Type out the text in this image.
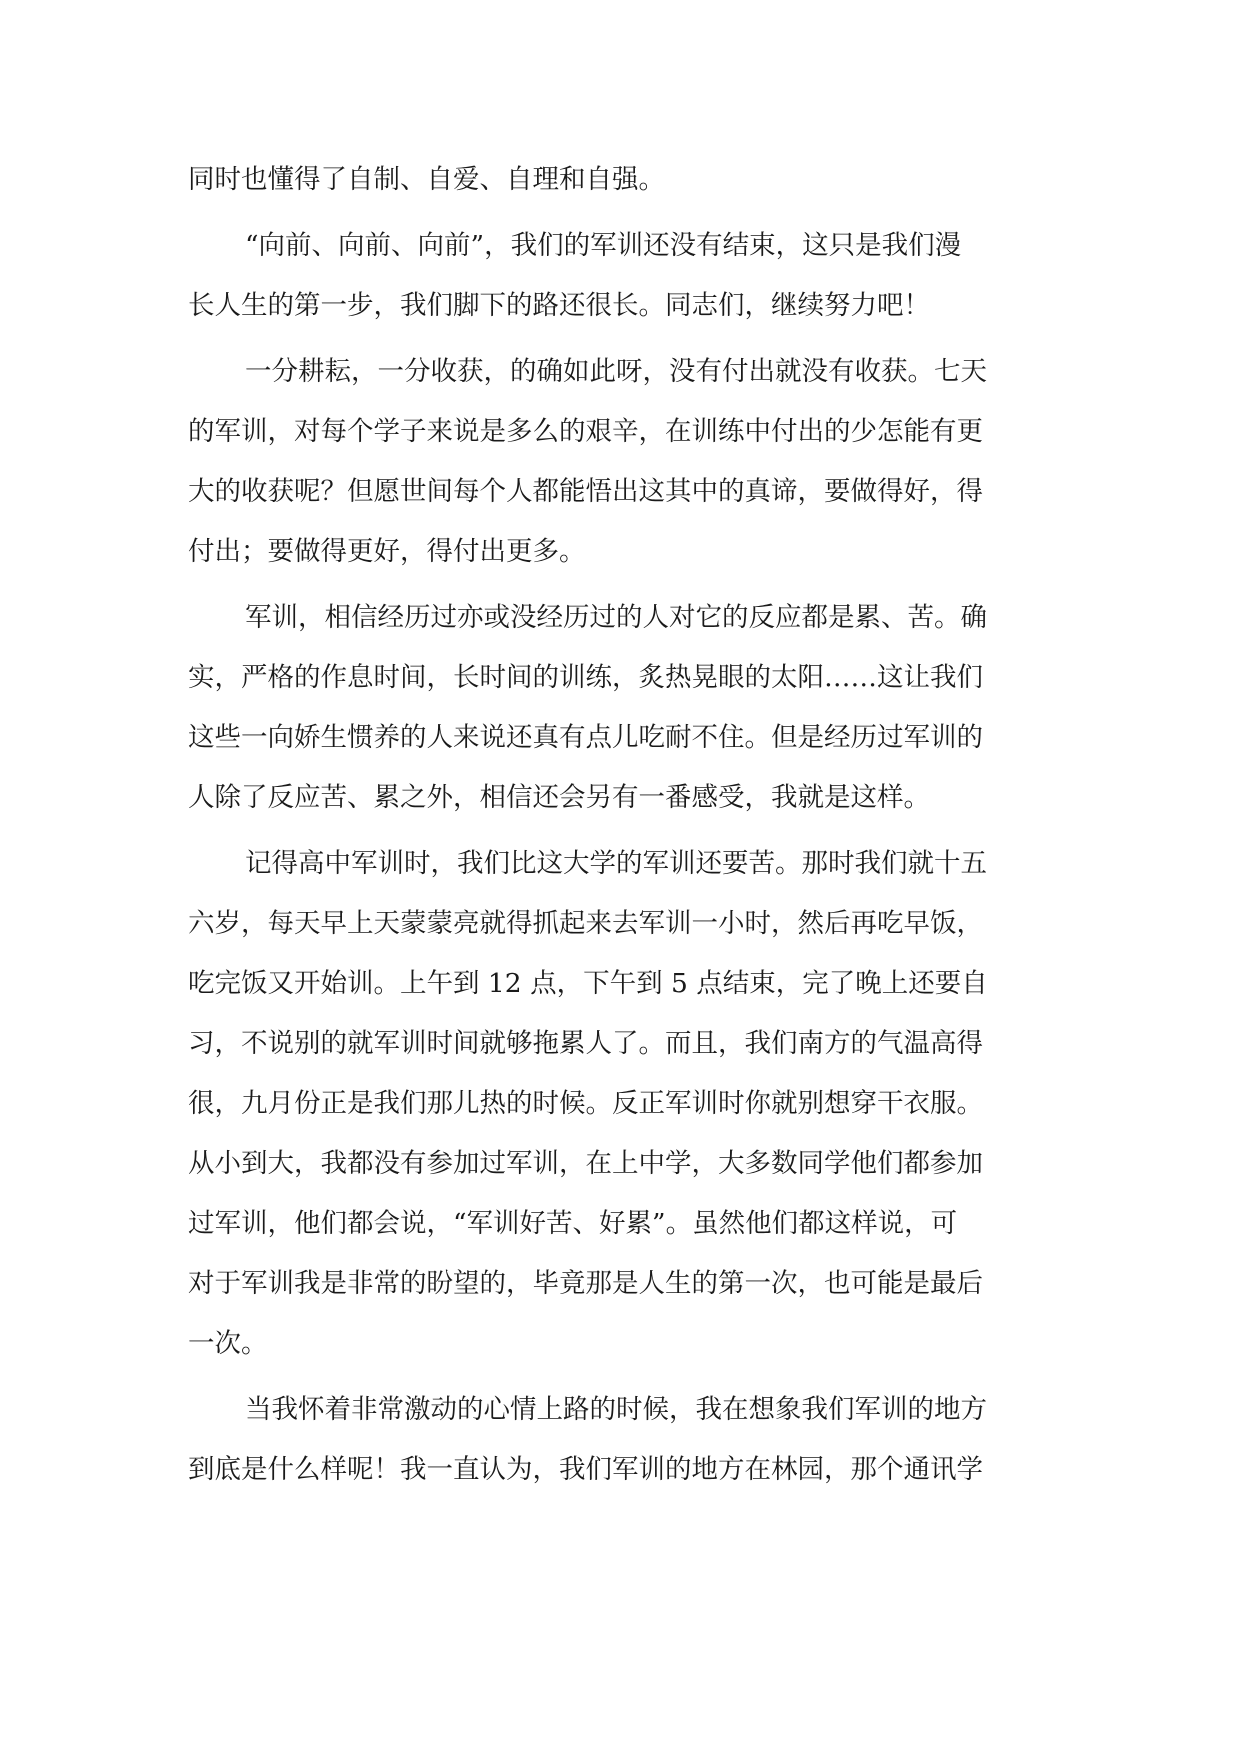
同时也懂得了自制、自爱、自理和自强。
“向前、向前、向前”，我们的军训还没有结束，这只是我们漫
长人生的第一步，我们脚下的路还很长。同志们，继续努力吧！
一分耕耘，一分收获，的确如此呀，没有付出就没有收获。七天
的军训，对每个学子来说是多么的艰辛，在训练中付出的少怎能有更
大的收获呢？但愿世间每个人都能悟出这其中的真谛，要做得好，得
付出；要做得更好，得付出更多。
军训，相信经历过亦或没经历过的人对它的反应都是累、苦。确
实，严格的作息时间，长时间的训练，炙热晃眼的太阳……这让我们
这些一向娇生惯养的人来说还真有点儿吃耐不住。但是经历过军训的
人除了反应苦、累之外，相信还会另有一番感受，我就是这样。
记得高中军训时，我们比这大学的军训还要苦。那时我们就十五
六岁，每天早上天蒙蒙亮就得抓起来去军训一小时，然后再吃早饭，
吃完饭又开始训。上午到 12 点，下午到 5 点结束，完了晚上还要自
习，不说别的就军训时间就够拖累人了。而且，我们南方的气温高得
很，九月份正是我们那儿热的时候。反正军训时你就别想穿干衣服。
从小到大，我都没有参加过军训，在上中学，大多数同学他们都参加
过军训，他们都会说，“军训好苦、好累”。虽然他们都这样说，可
对于军训我是非常的盼望的，毕竟那是人生的第一次，也可能是最后
一次。
当我怀着非常激动的心情上路的时候，我在想象我们军训的地方
到底是什么样呢！我一直认为，我们军训的地方在林园，那个通讯学
